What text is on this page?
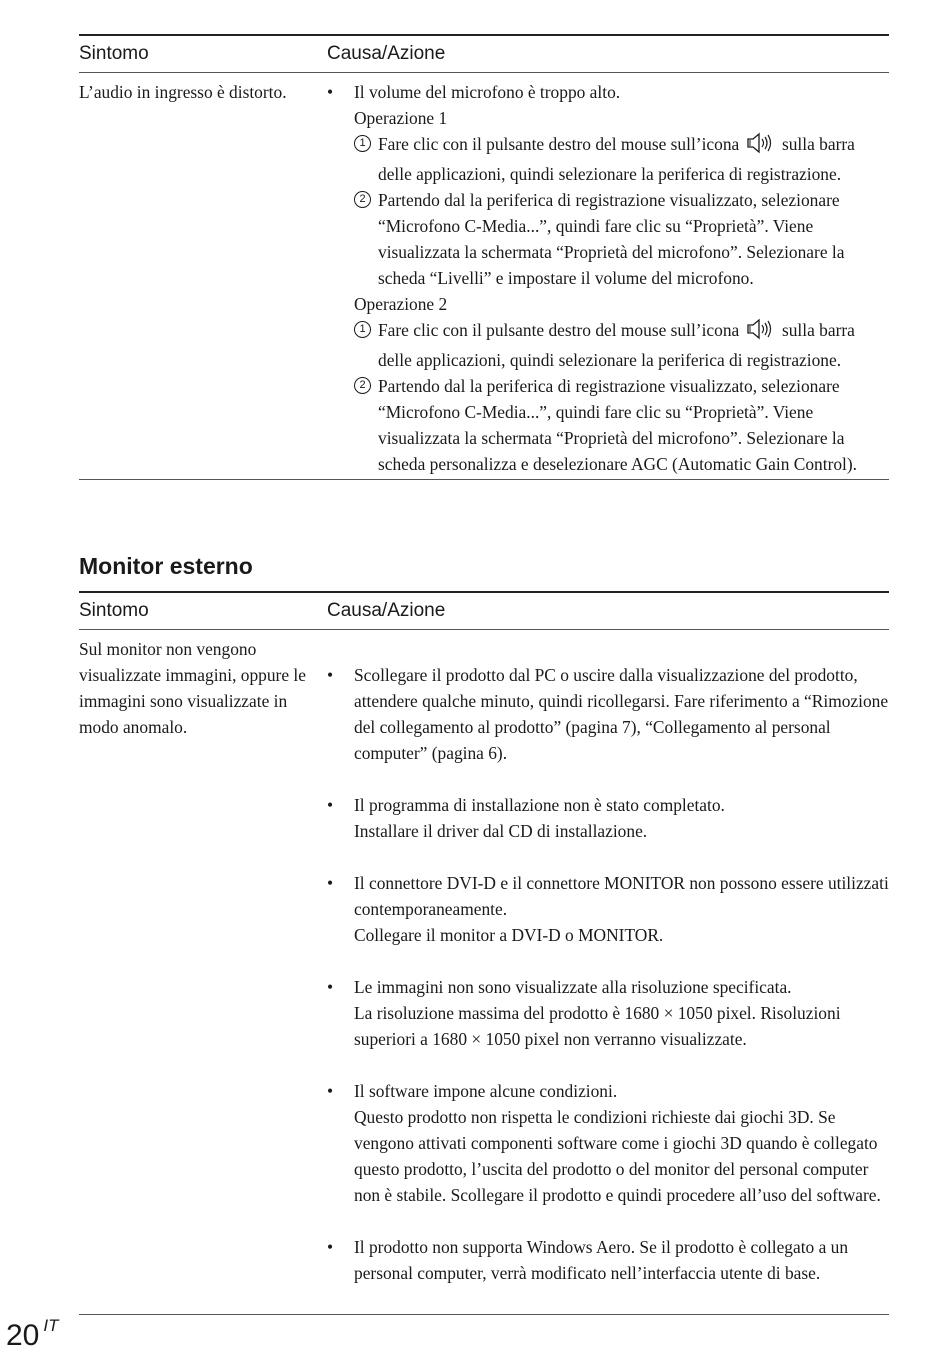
Sintomo	Causa/Azione
L’audio in ingresso è distorto.
•	Il volume del microfono è troppo alto.
Operazione 1
1 Fare clic con il pulsante destro del mouse sull’icona sulla barra
delle applicazioni, quindi selezionare la periferica di registrazione.
2 Partendo dal la periferica di registrazione visualizzato, selezionare “Microfono C-Media...”, quindi fare clic su “Proprietà”. Viene visualizzata la schermata “Proprietà del microfono”. Selezionare la scheda “Livelli” e impostare il volume del microfono.
Operazione 2
1 Fare clic con il pulsante destro del mouse sull’icona sulla barra
delle applicazioni, quindi selezionare la periferica di registrazione.
2 Partendo dal la periferica di registrazione visualizzato, selezionare “Microfono C-Media...”, quindi fare clic su “Proprietà”. Viene visualizzata la schermata “Proprietà del microfono”. Selezionare la scheda personalizza e deselezionare AGC (Automatic Gain Control).
Monitor esterno
Sintomo	Causa/Azione
Sul monitor non vengono visualizzate immagini, oppure le immagini sono visualizzate in modo anomalo.

• Scollegare il prodotto dal PC o uscire dalla visualizzazione del prodotto, attendere qualche minuto, quindi ricollegarsi. Fare riferimento a “Rimozione del collegamento al prodotto” (pagina 7), “Collegamento al personal computer” (pagina 6).

• Il programma di installazione non è stato completato.
Installare il driver dal CD di installazione.

• Il connettore DVI-D e il connettore MONITOR non possono essere utilizzati contemporaneamente.
Collegare il monitor a DVI-D o MONITOR.

• Le immagini non sono visualizzate alla risoluzione specificata.
La risoluzione massima del prodotto è 1680 × 1050 pixel. Risoluzioni superiori a 1680 × 1050 pixel non verranno visualizzate.

• Il software impone alcune condizioni.
Questo prodotto non rispetta le condizioni richieste dai giochi 3D. Se vengono attivati componenti software come i giochi 3D quando è collegato questo prodotto, l’uscita del prodotto o del monitor del personal computer non è stabile. Scollegare il prodotto e quindi procedere all’uso del software.

• Il prodotto non supporta Windows Aero. Se il prodotto è collegato a un personal computer, verrà modificato nell’interfaccia utente di base.

20 $^{IT}$
